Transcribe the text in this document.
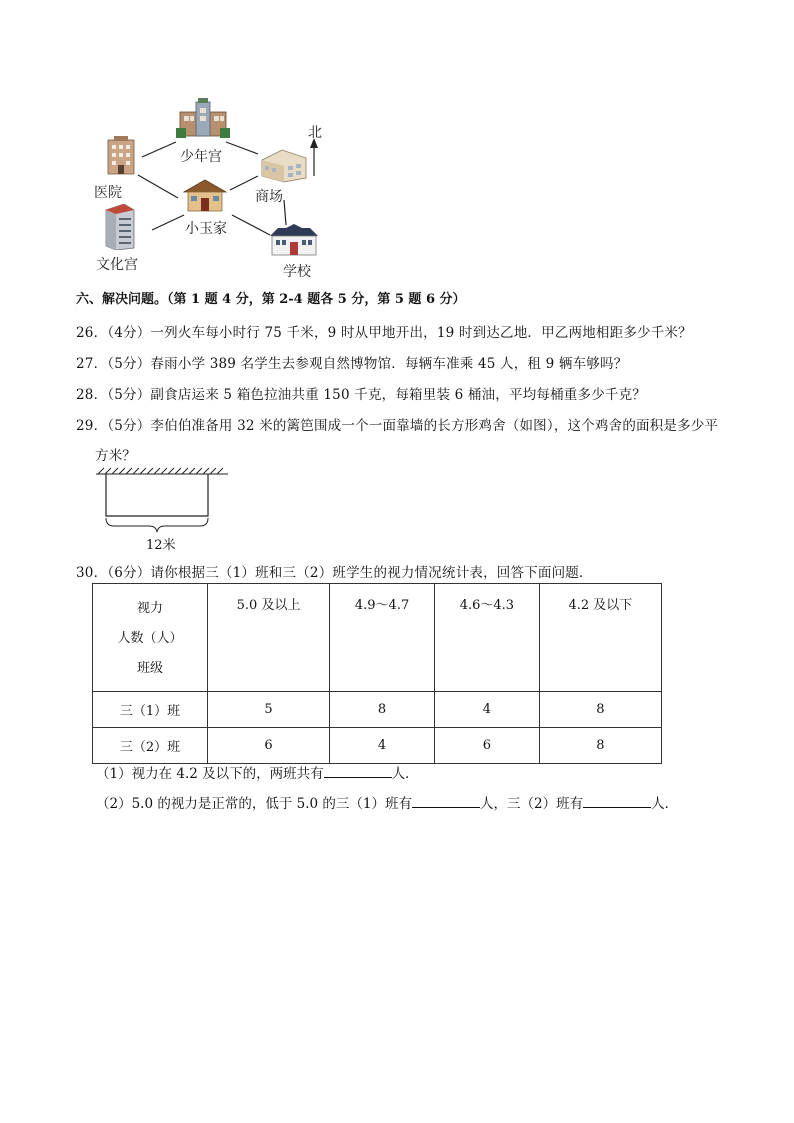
少年宫
医院	商场
小玉家
文化宫	学校
北
六、解决问题。（第 1 题 4 分，第 2-4 题各 5 分，第 5 题 6 分）
26．（4分）一列火车每小时行 75 千米，9 时从甲地开出，19 时到达乙地．甲乙两地相距多少千米？
27．（5分）春雨小学 389 名学生去参观自然博物馆．每辆车准乘 45 人，租 9 辆车够吗？
28．（5分）副食店运来 5 箱色拉油共重 150 千克，每箱里装 6 桶油，平均每桶重多少千克？
29．（5分）李伯伯准备用 32 米的篱笆围成一个一面靠墙的长方形鸡舍（如图），这个鸡舍的面积是多少平
方米？
12米
30．（6分）请你根据三（1）班和三（2）班学生的视力情况统计表，回答下面问题．
视力
人数（人）
班级	5.0 及以上	4.9～4.7	4.6～4.3	4.2 及以下
三（1）班	5	8	4	8
三（2）班	6	4	6	8
（1）视力在 4.2 及以下的，两班共有	人．
（2）5.0 的视力是正常的，低于 5.0 的三（1）班有	人，三（2）班有	人．
